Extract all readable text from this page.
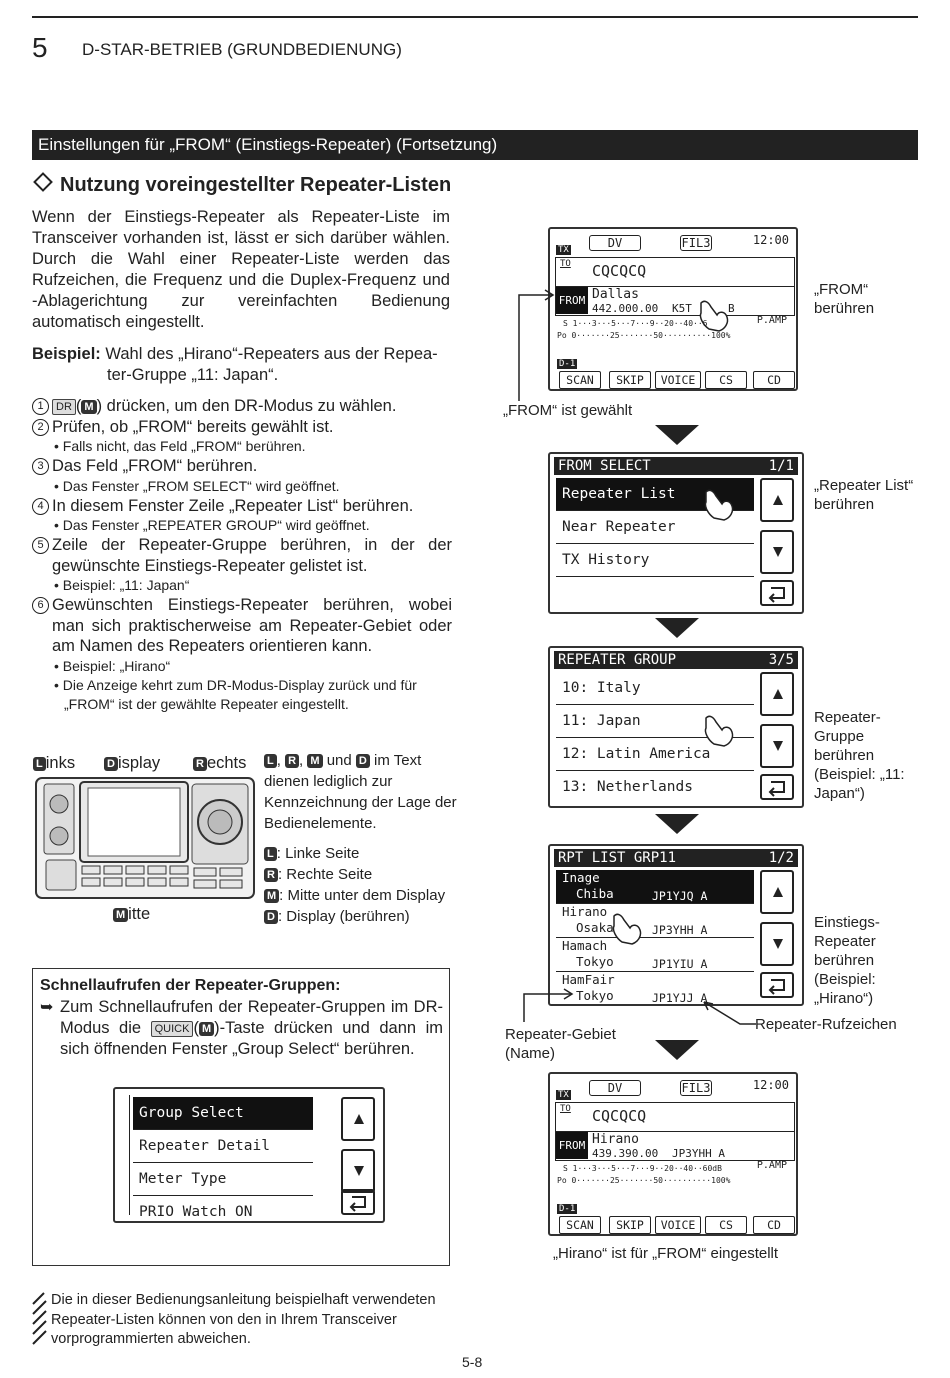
5 D-STAR-BETRIEB (GRUNDBEDIENUNG)
Einstellungen für „FROM“ (Einstiegs-Repeater) (Fortsetzung)
Nutzung voreingestellter Repeater-Listen
Wenn der Einstiegs-Repeater als Repeater-Liste im Transceiver vorhanden ist, lässt er sich darüber wählen. Durch die Wahl einer Repeater-Liste werden das Rufzeichen, die Frequenz und die Duplex-Frequenz und -Ablagerichtung zur vereinfachten Bedienung automatisch eingestellt.
Beispiel: Wahl des „Hirano“-Repeaters aus der Repea-
ter-Gruppe „11: Japan“.
1	DR ( M ) drücken, um den DR-Modus zu wählen.
2 Prüfen, ob „FROM“ bereits gewählt ist.
• Falls nicht, das Feld „FROM“ berühren.
3 Das Feld „FROM“ berühren.
• Das Fenster „FROM SELECT“ wird geöffnet.
4 In diesem Fenster Zeile „Repeater List“ berühren.
• Das Fenster „REPEATER GROUP“ wird geöffnet.
5 Zeile der Repeater-Gruppe berühren, in der der gewünschte Einstiegs-Repeater gelistet ist.
• Beispiel: „11: Japan“
6 Gewünschten Einstiegs-Repeater berühren, wobei man sich praktischerweise am Repeater-Gebiet oder am Namen des Repeaters orientieren kann.
• Beispiel: „Hirano“
• Die Anzeige kehrt zum DR-Modus-Display zurück und für „FROM“ ist der gewählte Repeater eingestellt.
L inks	D isplay	R echts
M itte
L , R , M und D im Text dienen lediglich zur Kennzeichnung der Lage der Bedienelemente.
L : Linke Seite
R : Rechte Seite
M : Mitte unter dem Display
D : Display (berühren)
Schnellaufrufen der Repeater-Gruppen:
➥ Zum Schnellaufrufen der Repeater-Gruppen im DR-Modus die QUICK ( M )-Taste drücken und dann im sich öffnenden Fenster „Group Select“ berühren.
Group Select
Repeater Detail
Meter Type
PRIO Watch ON
Die in dieser Bedienungsanleitung beispielhaft verwendeten Repeater-Listen können von den in Ihrem Transceiver vorprogrammierten abweichen.
5-8
TX	DV	FIL3	12:00
TO CQCQCQ
FROM Dallas
442.000.00 K5T	B
S 1···3···5···7···9··20··40··6	P.AMP
Po 0·······25·······50··········100%
D-1
SCAN	SKIP	VOICE	CS	CD
„FROM“ berühren
„FROM“ ist gewählt
FROM SELECT	1/1
Repeater List
Near Repeater
TX History
„Repeater List“ berühren
REPEATER GROUP	3/5
10: Italy
11: Japan
12: Latin America
13: Netherlands
Repeater-Gruppe berühren (Beispiel: „11: Japan“)
RPT LIST GRP11	1/2
Inage
Chiba	JP1YJQ A
Hirano
Osaka	JP3YHH A
Hamach
Tokyo	JP1YIU A
HamFair
Tokyo	JP1YJJ A
Einstiegs-Repeater berühren (Beispiel: „Hirano“)
Repeater-Gebiet (Name)
Repeater-Rufzeichen
TX	DV	FIL3	12:00
TO CQCQCQ
FROM Hirano
439.390.00 JP3YHH A
S 1···3···5···7···9··20··40··60dB	P.AMP
Po 0·······25·······50··········100%
D-1
SCAN	SKIP	VOICE	CS	CD
„Hirano“ ist für „FROM“ eingestellt
